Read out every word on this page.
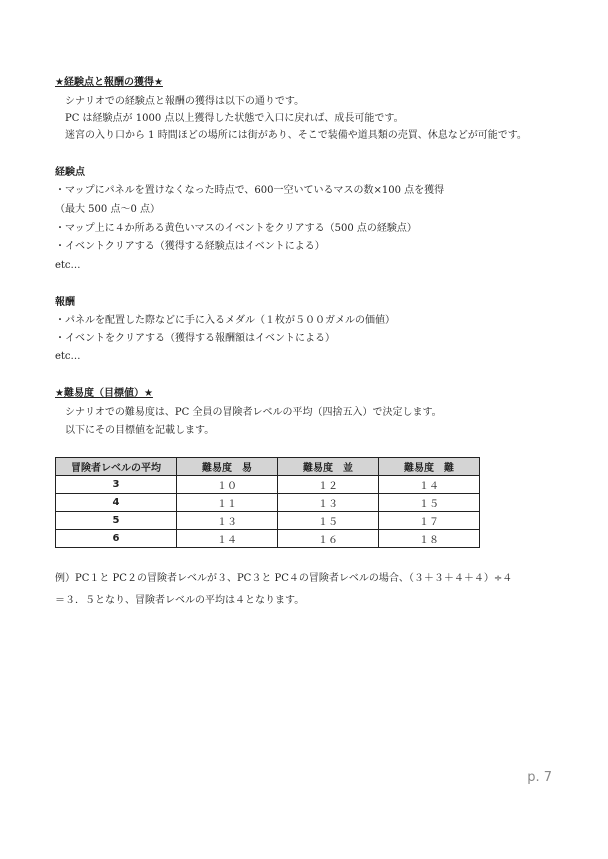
★経験点と報酬の獲得★
シナリオでの経験点と報酬の獲得は以下の通りです。
PC は経験点が 1000 点以上獲得した状態で入口に戻れば、成長可能です。
迷宮の入り口から 1 時間ほどの場所には街があり、そこで装備や道具類の売買、休息などが可能です。
経験点
・マップにパネルを置けなくなった時点で、600一空いているマスの数×100 点を獲得
（最大 500 点〜0 点）
・マップ上に４か所ある黄色いマスのイベントをクリアする（500 点の経験点）
・イベントクリアする（獲得する経験点はイベントによる）
etc…
報酬
・パネルを配置した際などに手に入るメダル（１枚が５００ガメルの価値）
・イベントをクリアする（獲得する報酬額はイベントによる）
etc…
★難易度（目標値）★
シナリオでの難易度は、PC 全員の冒険者レベルの平均（四捨五入）で決定します。
以下にその目標値を記載します。
冒険者レベルの平均	難易度　易	難易度　並	難易度　難
3	１０	１２	１４
4	１１	１３	１５
5	１３	１５	１７
6	１４	１６	１８
例）PC１と PC２の冒険者レベルが３、PC３と PC４の冒険者レベルの場合、（３＋３＋４＋４）÷４
＝３．５となり、冒険者レベルの平均は４となります。
p. 7
